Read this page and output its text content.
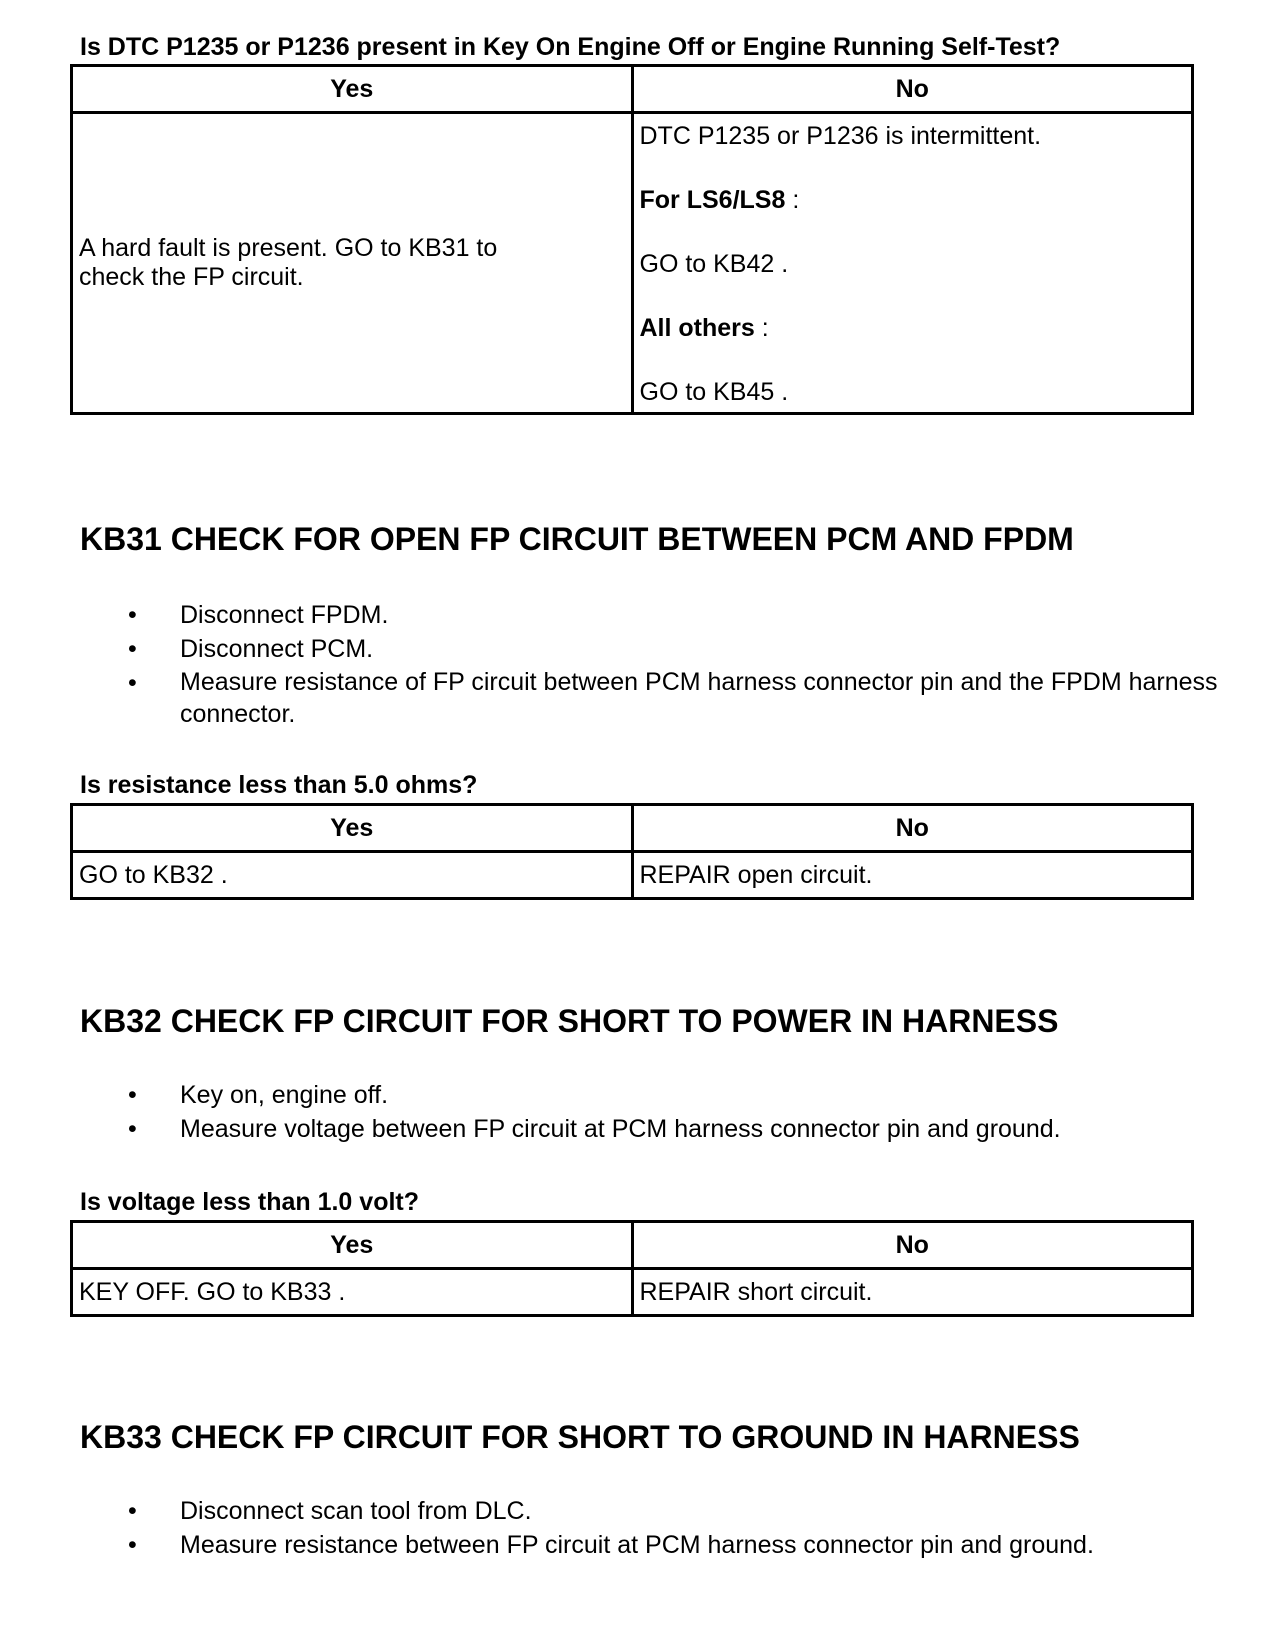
Is DTC P1235 or P1236 present in Key On Engine Off or Engine Running Self-Test?
Yes	No

A hard fault is present. GO to KB31 to check the FP circuit.	DTC P1235 or P1236 is intermittent.

For LS6/LS8 :

GO to KB42 .

All others :

GO to KB45 .

KB31 CHECK FOR OPEN FP CIRCUIT BETWEEN PCM AND FPDM
• Disconnect FPDM.
• Disconnect PCM.
• Measure resistance of FP circuit between PCM harness connector pin and the FPDM harness connector.
Is resistance less than 5.0 ohms?
Yes	No
GO to KB32 .	REPAIR open circuit.
KB32 CHECK FP CIRCUIT FOR SHORT TO POWER IN HARNESS
• Key on, engine off.
• Measure voltage between FP circuit at PCM harness connector pin and ground.
Is voltage less than 1.0 volt?
Yes	No
KEY OFF. GO to KB33 .	REPAIR short circuit.
KB33 CHECK FP CIRCUIT FOR SHORT TO GROUND IN HARNESS
• Disconnect scan tool from DLC.
• Measure resistance between FP circuit at PCM harness connector pin and ground.
